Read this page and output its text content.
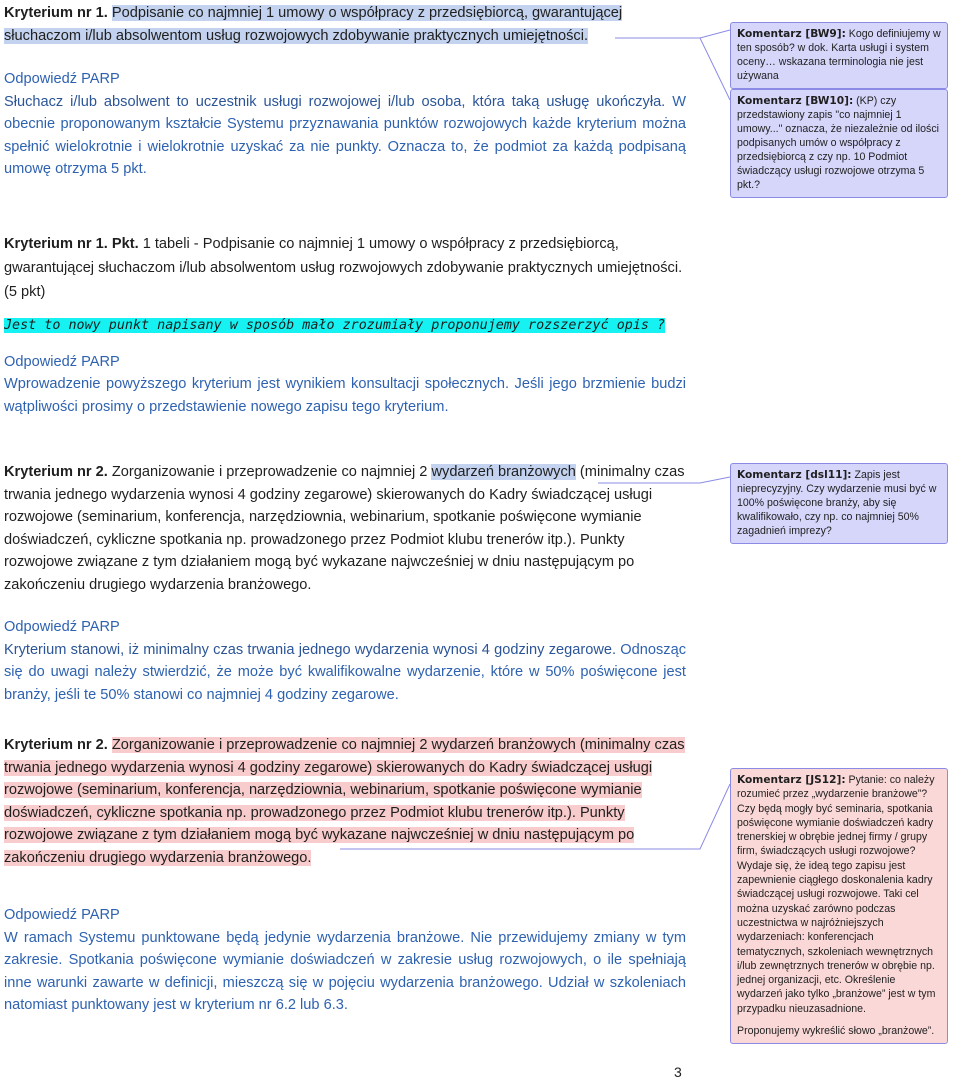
Kryterium nr 1. Podpisanie co najmniej 1 umowy o współpracy z przedsiębiorcą, gwarantującej słuchaczom i/lub absolwentom usług rozwojowych zdobywanie praktycznych umiejętności.

Odpowiedź PARP

Słuchacz i/lub absolwent to uczestnik usługi rozwojowej i/lub osoba, która taką usługę ukończyła. W obecnie proponowanym kształcie Systemu przyznawania punktów rozwojowych każde kryterium można spełnić wielokrotnie i wielokrotnie uzyskać za nie punkty. Oznacza to, że podmiot za każdą podpisaną umowę otrzyma 5 pkt.

Komentarz [BW9]: Kogo definiujemy w ten sposób? w dok. Karta usługi i system oceny… wskazana terminologia nie jest używana
Komentarz [BW10]: (KP) czy przedstawiony zapis "co najmniej 1 umowy..." oznacza, że niezależnie od ilości podpisanych umów o współpracy z przedsiębiorcą z czy np. 10 Podmiot świadczący usługi rozwojowe otrzyma 5 pkt.?

Kryterium nr 1. Pkt. 1 tabeli - Podpisanie co najmniej 1 umowy o współpracy z przedsiębiorcą, gwarantującej słuchaczom i/lub absolwentom usług rozwojowych zdobywanie praktycznych umiejętności. (5 pkt)

Jest to nowy punkt napisany w sposób mało zrozumiały proponujemy rozszerzyć opis ?

Odpowiedź PARP

Wprowadzenie powyższego kryterium jest wynikiem konsultacji społecznych. Jeśli jego brzmienie budzi wątpliwości prosimy o przedstawienie nowego zapisu tego kryterium.

Kryterium nr 2. Zorganizowanie i przeprowadzenie co najmniej 2 wydarzeń branżowych (minimalny czas trwania jednego wydarzenia wynosi 4 godziny zegarowe) skierowanych do Kadry świadczącej usługi rozwojowe (seminarium, konferencja, narzędziownia, webinarium, spotkanie poświęcone wymianie doświadczeń, cykliczne spotkania np. prowadzonego przez Podmiot klubu trenerów itp.). Punkty rozwojowe związane z tym działaniem mogą być wykazane najwcześniej w dniu następującym po zakończeniu drugiego wydarzenia branżowego.

Odpowiedź PARP

Kryterium stanowi, iż minimalny czas trwania jednego wydarzenia wynosi 4 godziny zegarowe. Odnosząc się do uwagi należy stwierdzić, że może być kwalifikowalne wydarzenie, które w 50% poświęcone jest branży, jeśli te 50% stanowi co najmniej 4 godziny zegarowe.

Komentarz [dsl11]: Zapis jest nieprecyzyjny. Czy wydarzenie musi być w 100% poświęcone branży, aby się kwalifikowało, czy np. co najmniej 50% zagadnień imprezy?

Kryterium nr 2. Zorganizowanie i przeprowadzenie co najmniej 2 wydarzeń branżowych (minimalny czas trwania jednego wydarzenia wynosi 4 godziny zegarowe) skierowanych do Kadry świadczącej usługi rozwojowe (seminarium, konferencja, narzędziownia, webinarium, spotkanie poświęcone wymianie doświadczeń, cykliczne spotkania np. prowadzonego przez Podmiot klubu trenerów itp.). Punkty rozwojowe związane z tym działaniem mogą być wykazane najwcześniej w dniu następującym po zakończeniu drugiego wydarzenia branżowego.

Odpowiedź PARP

W ramach Systemu punktowane będą jedynie wydarzenia branżowe. Nie przewidujemy zmiany w tym zakresie. Spotkania poświęcone wymianie doświadczeń w zakresie usług rozwojowych, o ile spełniają inne warunki zawarte w definicji, mieszczą się w pojęciu wydarzenia branżowego. Udział w szkoleniach natomiast punktowany jest w kryterium nr 6.2 lub 6.3.

Komentarz [JS12]: Pytanie: co należy rozumieć przez „wydarzenie branżowe”? Czy będą mogły być seminaria, spotkania poświęcone wymianie doświadczeń kadry trenerskiej w obrębie jednej firmy / grupy firm, świadczących usługi rozwojowe? Wydaje się, że ideą tego zapisu jest zapewnienie ciągłego doskonalenia kadry świadczącej usługi rozwojowe. Taki cel można uzyskać zarówno podczas uczestnictwa w najróżniejszych wydarzeniach: konferencjach tematycznych, szkoleniach wewnętrznych i/lub zewnętrznych trenerów w obrębie np. jednej organizacji, etc. Określenie wydarzeń jako tylko „branżowe” jest w tym przypadku nieuzasadnione.
Proponujemy wykreślić słowo „branżowe”.
3
